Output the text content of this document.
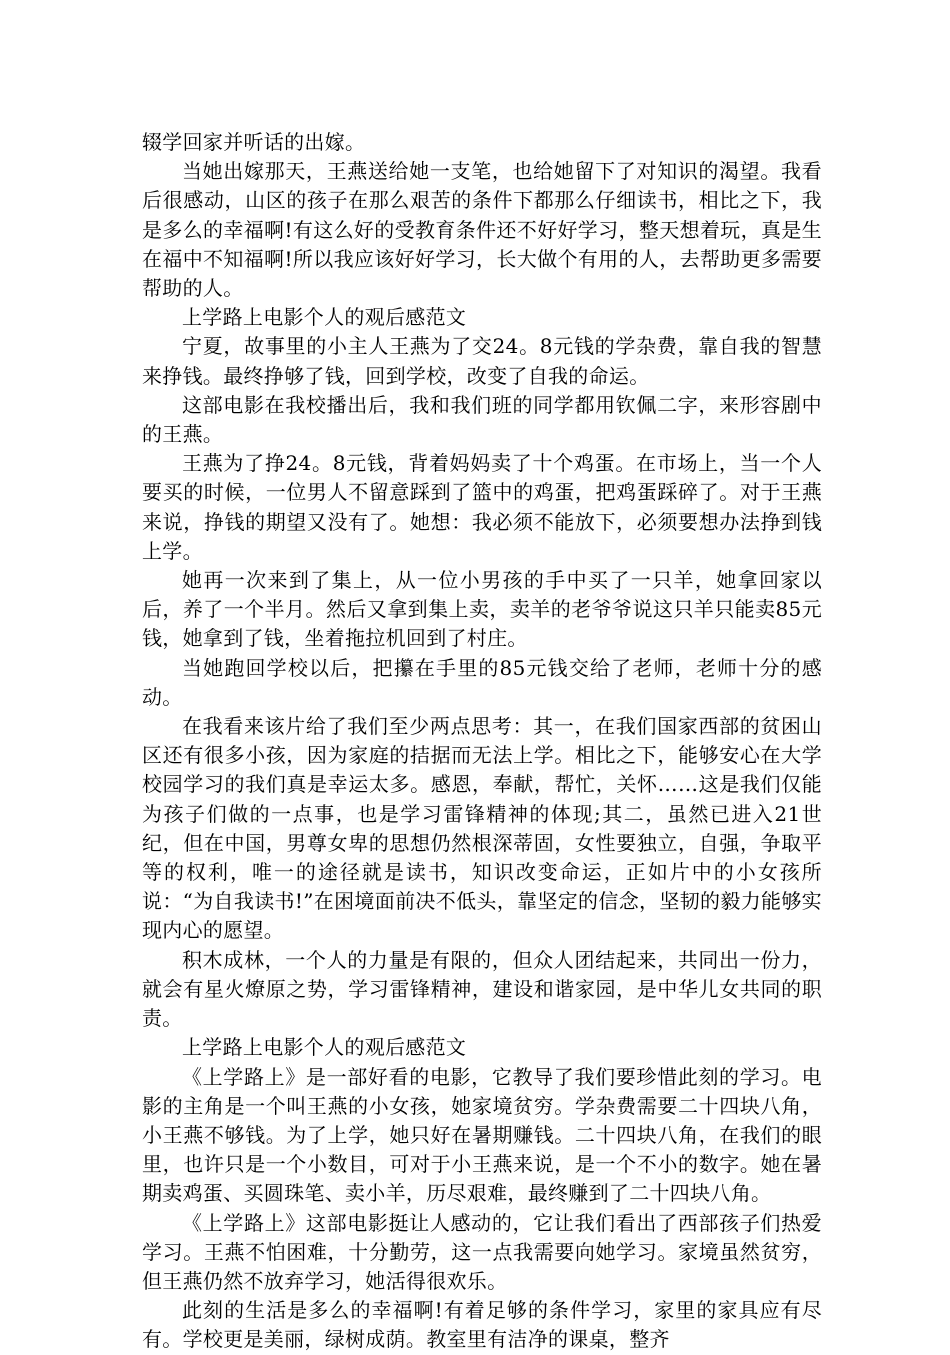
辍学回家并听话的出嫁。

当她出嫁那天，王燕送给她一支笔，也给她留下了对知识的渴望。我看后很感动，山区的孩子在那么艰苦的条件下都那么仔细读书，相比之下，我是多么的幸福啊!有这么好的受教育条件还不好好学习，整天想着玩，真是生在福中不知福啊!所以我应该好好学习，长大做个有用的人，去帮助更多需要帮助的人。

上学路上电影个人的观后感范文

宁夏，故事里的小主人王燕为了交24。8元钱的学杂费，靠自我的智慧来挣钱。最终挣够了钱，回到学校，改变了自我的命运。

这部电影在我校播出后，我和我们班的同学都用钦佩二字，来形容剧中的王燕。

王燕为了挣24。8元钱，背着妈妈卖了十个鸡蛋。在市场上，当一个人要买的时候，一位男人不留意踩到了篮中的鸡蛋，把鸡蛋踩碎了。对于王燕来说，挣钱的期望又没有了。她想：我必须不能放下，必须要想办法挣到钱上学。

她再一次来到了集上，从一位小男孩的手中买了一只羊，她拿回家以后，养了一个半月。然后又拿到集上卖，卖羊的老爷爷说这只羊只能卖85元钱，她拿到了钱，坐着拖拉机回到了村庄。

当她跑回学校以后，把攥在手里的85元钱交给了老师，老师十分的感动。

在我看来该片给了我们至少两点思考：其一，在我们国家西部的贫困山区还有很多小孩，因为家庭的拮据而无法上学。相比之下，能够安心在大学校园学习的我们真是幸运太多。感恩，奉献，帮忙，关怀……这是我们仅能为孩子们做的一点事，也是学习雷锋精神的体现;其二，虽然已进入21世纪，但在中国，男尊女卑的思想仍然根深蒂固，女性要独立，自强，争取平等的权利，唯一的途径就是读书，知识改变命运，正如片中的小女孩所说：“为自我读书!”在困境面前决不低头，靠坚定的信念，坚韧的毅力能够实现内心的愿望。

积木成林，一个人的力量是有限的，但众人团结起来，共同出一份力，就会有星火燎原之势，学习雷锋精神，建设和谐家园，是中华儿女共同的职责。

上学路上电影个人的观后感范文

《上学路上》是一部好看的电影，它教导了我们要珍惜此刻的学习。电影的主角是一个叫王燕的小女孩，她家境贫穷。学杂费需要二十四块八角，小王燕不够钱。为了上学，她只好在暑期赚钱。二十四块八角，在我们的眼里，也许只是一个小数目，可对于小王燕来说，是一个不小的数字。她在暑期卖鸡蛋、买圆珠笔、卖小羊，历尽艰难，最终赚到了二十四块八角。

《上学路上》这部电影挺让人感动的，它让我们看出了西部孩子们热爱学习。王燕不怕困难，十分勤劳，这一点我需要向她学习。家境虽然贫穷，但王燕仍然不放弃学习，她活得很欢乐。

此刻的生活是多么的幸福啊!有着足够的条件学习，家里的家具应有尽有。学校更是美丽，绿树成荫。教室里有洁净的课桌，整齐
